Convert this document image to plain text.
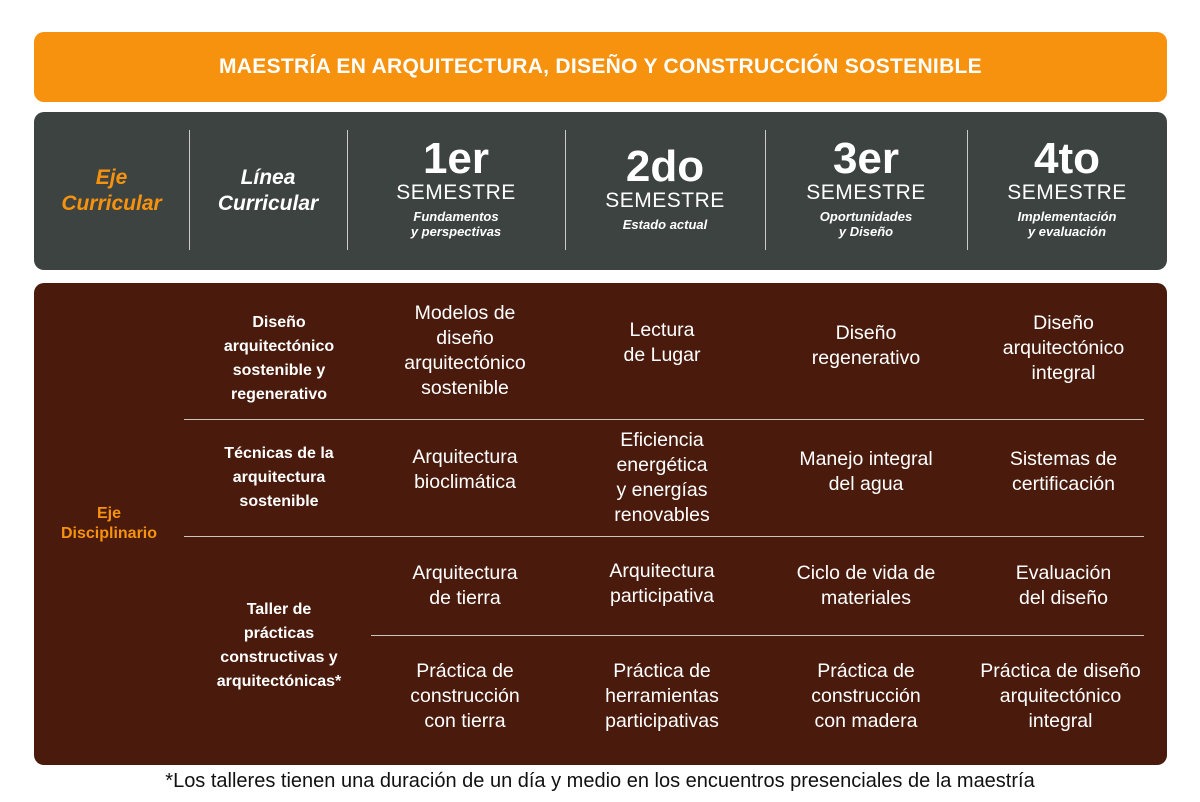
MAESTRÍA EN ARQUITECTURA, DISEÑO Y CONSTRUCCIÓN SOSTENIBLE
Eje
Curricular
Línea
Curricular
1er
SEMESTRE
Fundamentos
y perspectivas
2do
SEMESTRE
Estado actual
3er
SEMESTRE
Oportunidades
y Diseño
4to
SEMESTRE
Implementación
y evaluación
Eje
Disciplinario
Diseño
arquitectónico
sostenible y
regenerativo
Técnicas de la
arquitectura
sostenible
Taller de
prácticas
constructivas y
arquitectónicas*
Modelos de
diseño
arquitectónico
sostenible
Lectura
de Lugar
Diseño
regenerativo
Diseño
arquitectónico
integral
Arquitectura
bioclimática
Eficiencia
energética
y energías
renovables
Manejo integral
del agua
Sistemas de
certificación
Arquitectura
de tierra
Arquitectura
participativa
Ciclo de vida de
materiales
Evaluación
del diseño
Práctica de
construcción
con tierra
Práctica de
herramientas
participativas
Práctica de
construcción
con madera
Práctica de diseño
arquitectónico
integral
*Los talleres tienen una duración de un día y medio en los encuentros presenciales de la maestría
